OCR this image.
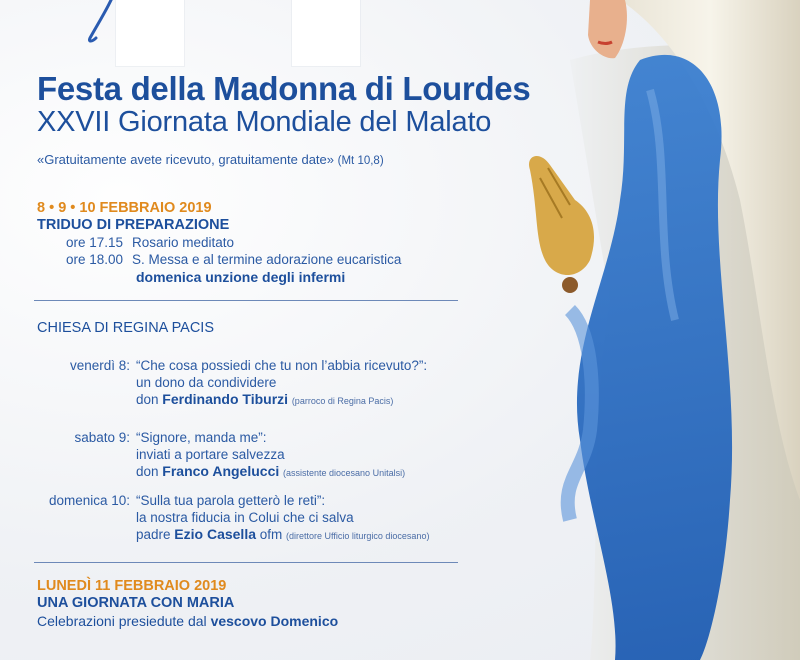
Festa della Madonna di Lourdes
XXVII Giornata Mondiale del Malato
«Gratuitamente avete ricevuto, gratuitamente date» (Mt 10,8)
8 • 9 • 10 FEBBRAIO 2019
TRIDUO DI PREPARAZIONE
ore 17.15 Rosario meditato
ore 18.00 S. Messa e al termine adorazione eucaristica
domenica unzione degli infermi
CHIESA DI REGINA PACIS
venerdì 8: “Che cosa possiedi che tu non l’abbia ricevuto?”:
un dono da condividere
don Ferdinando Tiburzi (parroco di Regina Pacis)
sabato 9: “Signore, manda me”:
inviati a portare salvezza
don Franco Angelucci (assistente diocesano Unitalsi)
domenica 10: “Sulla tua parola getterò le reti”:
la nostra fiducia in Colui che ci salva
padre Ezio Casella ofm (direttore Ufficio liturgico diocesano)
LUNEDÌ 11 FEBBRAIO 2019
UNA GIORNATA CON MARIA
Celebrazioni presiedute dal vescovo Domenico
